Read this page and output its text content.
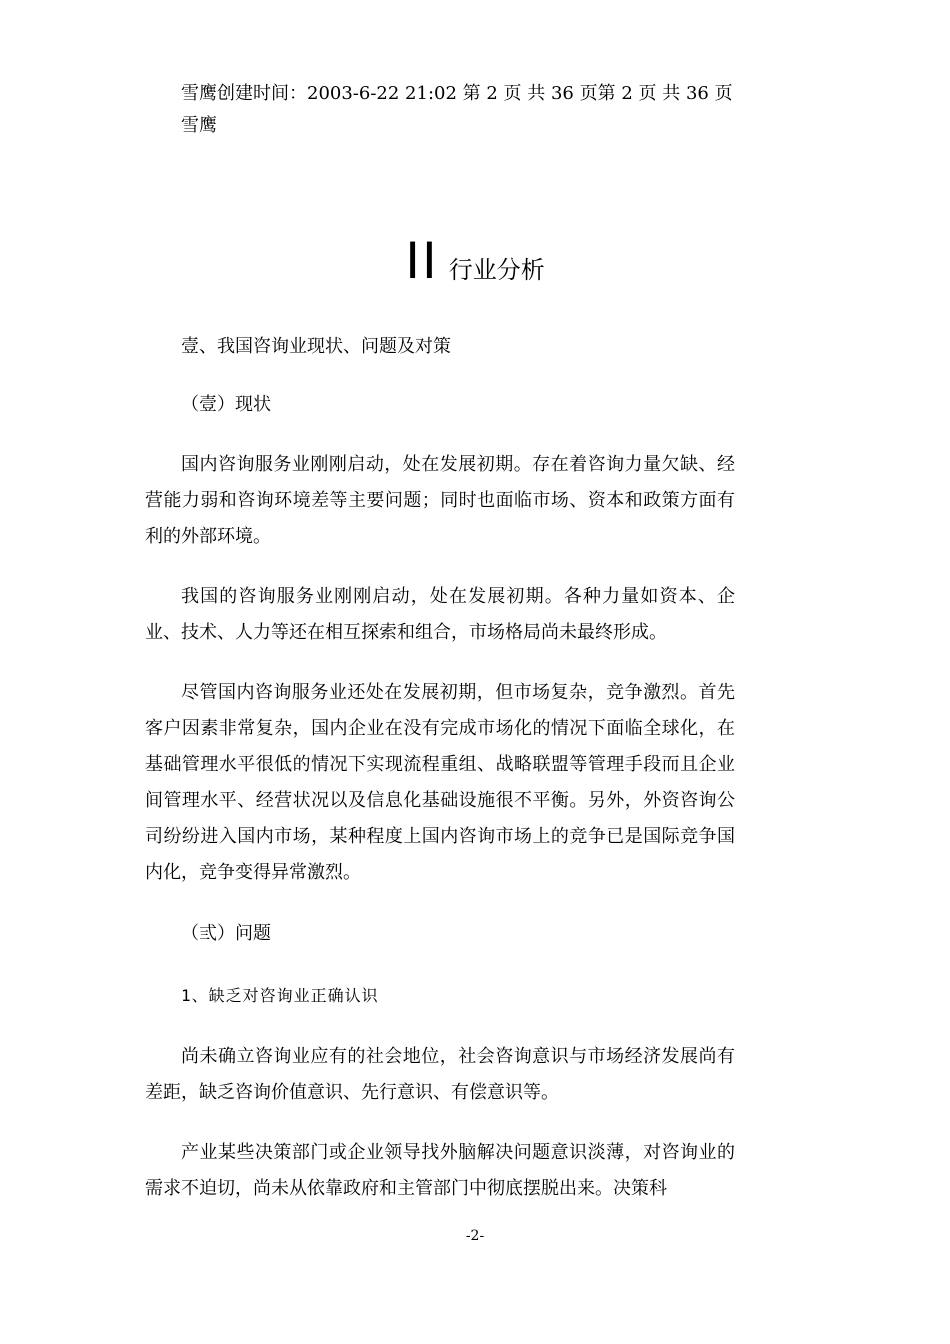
雪鹰创建时间：2003-6-22 21:02 第 2 页 共 36 页第 2 页 共 36 页雪鹰
II 行业分析
壹、我国咨询业现状、问题及对策
（壹）现状
国内咨询服务业刚刚启动，处在发展初期。存在着咨询力量欠缺、经营能力弱和咨询环境差等主要问题；同时也面临市场、资本和政策方面有利的外部环境。
我国的咨询服务业刚刚启动，处在发展初期。各种力量如资本、企业、技术、人力等还在相互探索和组合，市场格局尚未最终形成。
尽管国内咨询服务业还处在发展初期，但市场复杂，竞争激烈。首先客户因素非常复杂，国内企业在没有完成市场化的情况下面临全球化，在基础管理水平很低的情况下实现流程重组、战略联盟等管理手段而且企业间管理水平、经营状况以及信息化基础设施很不平衡。另外，外资咨询公司纷纷进入国内市场，某种程度上国内咨询市场上的竞争已是国际竞争国内化，竞争变得异常激烈。
（弎）问题
1、缺乏对咨询业正确认识
尚未确立咨询业应有的社会地位，社会咨询意识与市场经济发展尚有差距，缺乏咨询价值意识、先行意识、有偿意识等。
产业某些决策部门或企业领导找外脑解决问题意识淡薄，对咨询业的需求不迫切，尚未从依靠政府和主管部门中彻底摆脱出来。决策科
-2-
